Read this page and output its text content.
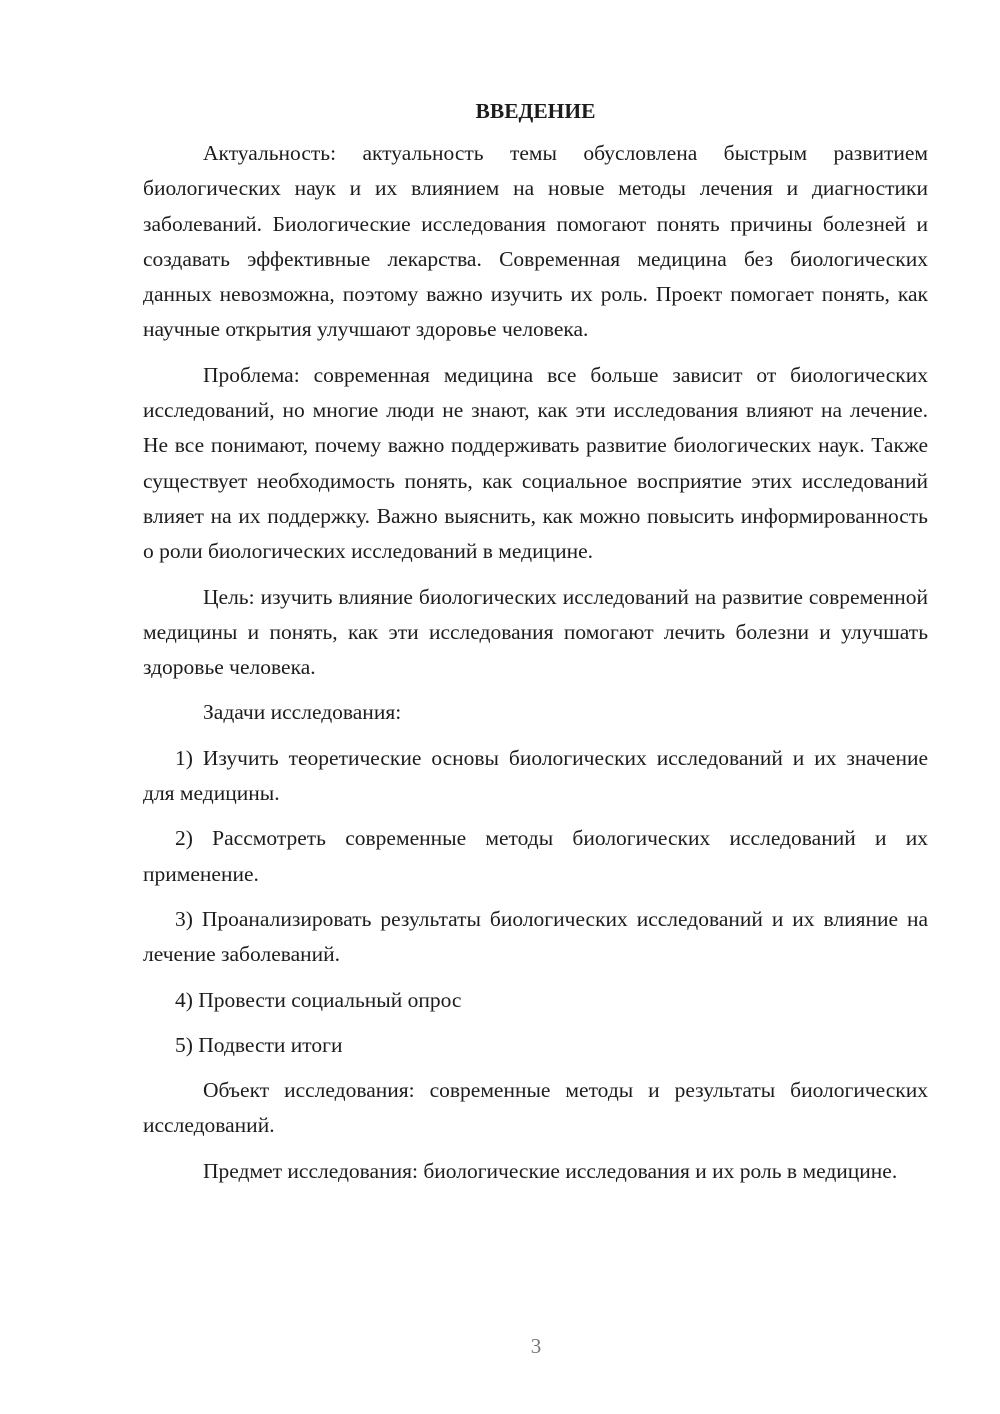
ВВЕДЕНИЕ

Актуальность: актуальность темы обусловлена быстрым развитием биологических наук и их влиянием на новые методы лечения и диагностики заболеваний. Биологические исследования помогают понять причины болезней и создавать эффективные лекарства. Современная медицина без биологических данных невозможна, поэтому важно изучить их роль. Проект помогает понять, как научные открытия улучшают здоровье человека.

Проблема: современная медицина все больше зависит от биологических исследований, но многие люди не знают, как эти исследования влияют на лечение. Не все понимают, почему важно поддерживать развитие биологических наук. Также существует необходимость понять, как социальное восприятие этих исследований влияет на их поддержку. Важно выяснить, как можно повысить информированность о роли биологических исследований в медицине.

Цель: изучить влияние биологических исследований на развитие современной медицины и понять, как эти исследования помогают лечить болезни и улучшать здоровье человека.

Задачи исследования:

1) Изучить теоретические основы биологических исследований и их значение для медицины.

2) Рассмотреть современные методы биологических исследований и их применение.

3) Проанализировать результаты биологических исследований и их влияние на лечение заболеваний.

4) Провести социальный опрос

5) Подвести итоги

Объект исследования: современные методы и результаты биологических исследований.

Предмет исследования: биологические исследования и их роль в медицине.

3
